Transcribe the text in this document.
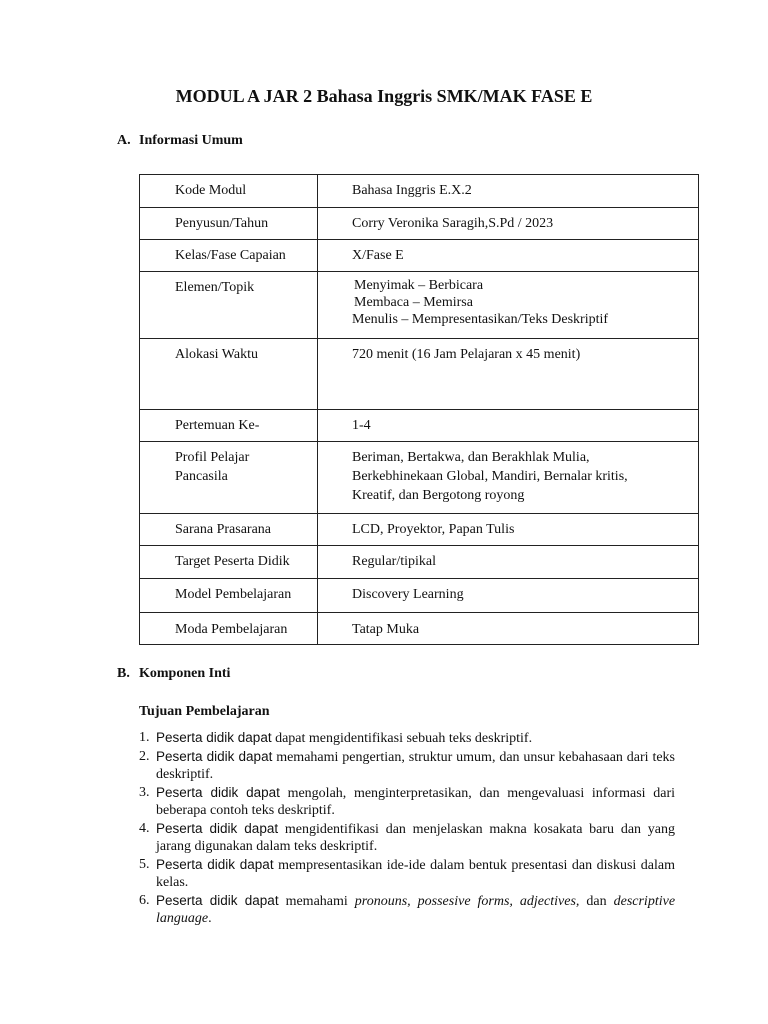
MODUL A JAR 2 Bahasa Inggris SMK/MAK FASE E
A. Informasi Umum
Kode Modul	Bahasa Inggris E.X.2

Penyusun/Tahun	Corry Veronika Saragih,S.Pd / 2023

Kelas/Fase Capaian	X/Fase E

Elemen/Topik	Menyimak – Berbicara
Membaca – Memirsa
Menulis – Mempresentasikan/Teks Deskriptif

Alokasi Waktu	720 menit (16 Jam Pelajaran x 45 menit)

Pertemuan Ke-	1-4

Profil Pelajar Pancasila	Beriman, Bertakwa, dan Berakhlak Mulia,
Berkebhinekaan Global, Mandiri, Bernalar kritis,
Kreatif, dan Bergotong royong

Sarana Prasarana	LCD, Proyektor, Papan Tulis

Target Peserta Didik	Regular/tipikal

Model Pembelajaran	Discovery Learning

Moda Pembelajaran	Tatap Muka
B. Komponen Inti
Tujuan Pembelajaran
1. Peserta didik dapat dapat mengidentifikasi sebuah teks deskriptif.
2. Peserta didik dapat memahami pengertian, struktur umum, dan unsur kebahasaan dari teks deskriptif.
3. Peserta didik dapat mengolah, menginterpretasikan, dan mengevaluasi informasi dari beberapa contoh teks deskriptif.
4. Peserta didik dapat mengidentifikasi dan menjelaskan makna kosakata baru dan yang jarang digunakan dalam teks deskriptif.
5. Peserta didik dapat mempresentasikan ide-ide dalam bentuk presentasi dan diskusi dalam kelas.
6. Peserta didik dapat memahami pronouns, possesive forms, adjectives, dan descriptive language.
